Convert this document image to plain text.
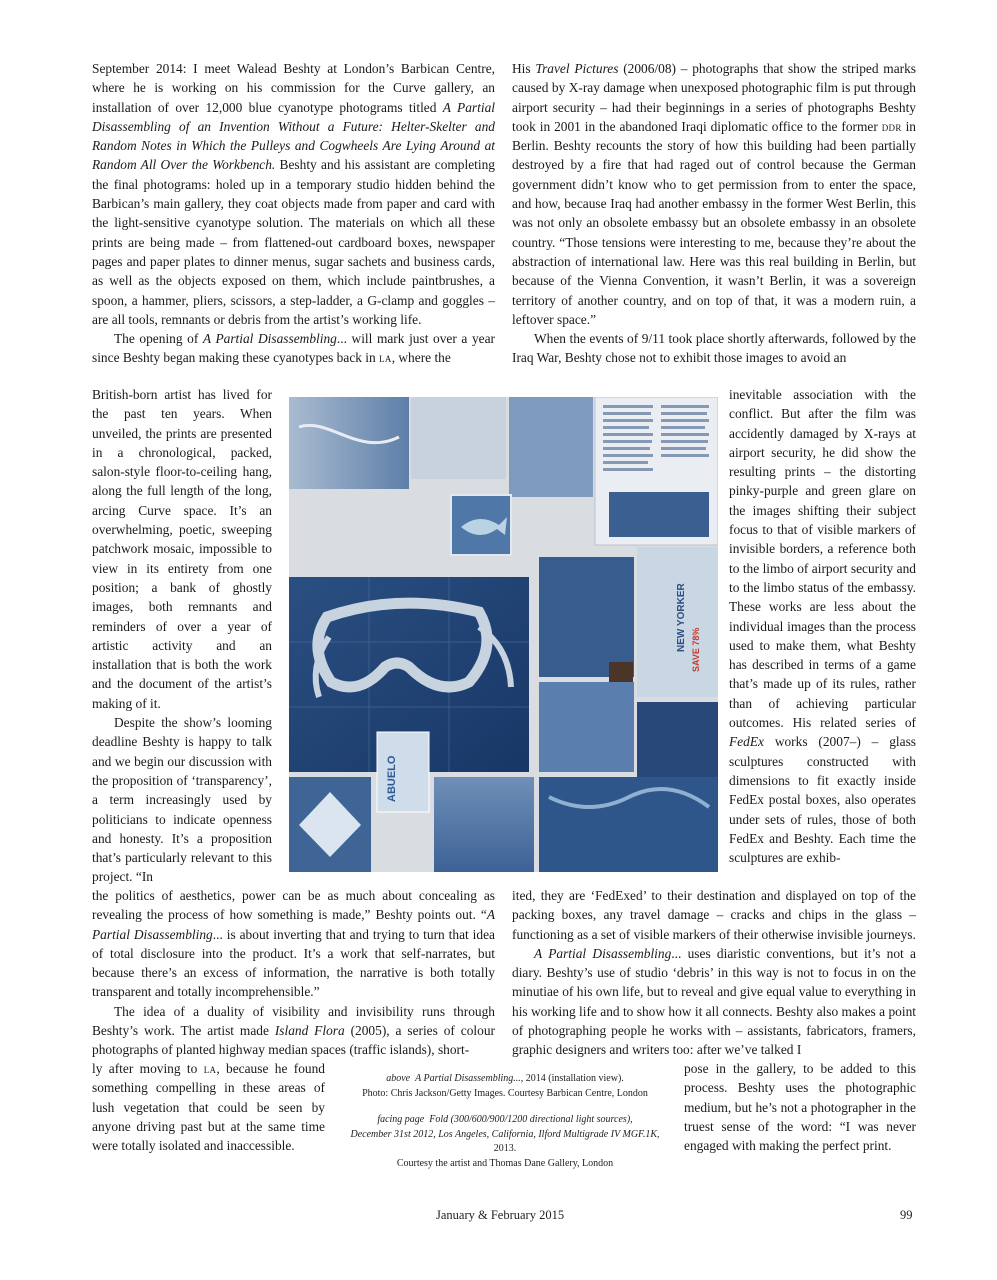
September 2014: I meet Walead Beshty at London’s Barbican Centre, where he is working on his commission for the Curve gallery, an installation of over 12,000 blue cyanotype photograms titled A Partial Disassembling of an Invention Without a Future: Helter-Skelter and Random Notes in Which the Pulleys and Cogwheels Are Lying Around at Random All Over the Workbench. Beshty and his assistant are completing the final photograms: holed up in a temporary studio hidden behind the Barbican’s main gallery, they coat objects made from paper and card with the light-sensitive cyanotype solution. The materials on which all these prints are being made – from flattened-out cardboard boxes, newspaper pages and paper plates to dinner menus, sugar sachets and business cards, as well as the objects exposed on them, which include paintbrushes, a spoon, a hammer, pliers, scissors, a step-ladder, a G-clamp and goggles – are all tools, remnants or debris from the artist’s working life.

The opening of A Partial Disassembling... will mark just over a year since Beshty began making these cyanotypes back in la, where the

British-born artist has lived for the past ten years. When unveiled, the prints are presented in a chronological, packed, salon-style floor-to-ceiling hang, along the full length of the long, arcing Curve space. It’s an overwhelming, poetic, sweeping patchwork mosaic, impossible to view in its entirety from one position; a bank of ghostly images, both remnants and reminders of over a year of artistic activity and an installation that is both the work and the document of the artist’s making of it.

Despite the show’s looming deadline Beshty is happy to talk and we begin our discussion with the proposition of ‘transparency’, a term increasingly used by politicians to indicate openness and honesty. It’s a proposition that’s particularly relevant to this project. “In

the politics of aesthetics, power can be as much about concealing as revealing the process of how something is made,” Beshty points out. “A Partial Disassembling... is about inverting that and trying to turn that idea of total disclosure into the product. It’s a work that self-narrates, but because there’s an excess of information, the narrative is both totally transparent and totally incomprehensible.”

The idea of a duality of visibility and invisibility runs through Beshty’s work. The artist made Island Flora (2005), a series of colour photographs of planted highway median spaces (traffic islands), short-

ly after moving to la, because he found something compelling in these areas of lush vegetation that could be seen by anyone driving past but at the same time were totally isolated and inaccessible.

His Travel Pictures (2006/08) – photographs that show the striped marks caused by X-ray damage when unexposed photographic film is put through airport security – had their beginnings in a series of photographs Beshty took in 2001 in the abandoned Iraqi diplomatic office to the former ddr in Berlin. Beshty recounts the story of how this building had been partially destroyed by a fire that had raged out of control because the German government didn’t know who to get permission from to enter the space, and how, because Iraq had another embassy in the former West Berlin, this was not only an obsolete embassy but an obsolete embassy in an obsolete country. “Those tensions were interesting to me, because they’re about the abstraction of international law. Here was this real building in Berlin, but because of the Vienna Convention, it wasn’t Berlin, it was a sovereign territory of another country, and on top of that, it was a modern ruin, a leftover space.”

When the events of 9/11 took place shortly afterwards, followed by the Iraq War, Beshty chose not to exhibit those images to avoid an

inevitable association with the conflict. But after the film was accidently damaged by X-rays at airport security, he did show the resulting prints – the distorting pinky-purple and green glare on the images shifting their subject focus to that of visible markers of invisible borders, a reference both to the limbo of airport security and to the limbo status of the embassy. These works are less about the individual images than the process used to make them, what Beshty has described in terms of a game that’s made up of its rules, rather than of achieving particular outcomes. His related series of FedEx works (2007–) – glass sculptures constructed with dimensions to fit exactly inside FedEx postal boxes, also operates under sets of rules, those of both FedEx and Beshty. Each time the sculptures are exhib-

ited, they are ‘FedExed’ to their destination and displayed on top of the packing boxes, any travel damage – cracks and chips in the glass – functioning as a set of visible markers of their otherwise invisible journeys.

A Partial Disassembling... uses diaristic conventions, but it’s not a diary. Beshty’s use of studio ‘debris’ in this way is not to focus in on the minutiae of his own life, but to reveal and give equal value to everything in his working life and to show how it all connects. Beshty also makes a point of photographing people he works with – assistants, fabricators, framers, graphic designers and writers too: after we’ve talked I

pose in the gallery, to be added to this process. Beshty uses the photographic medium, but he’s not a photographer in the truest sense of the word: “I was never engaged with making the perfect print.

NEW YORKER SAVE 78%
ABUELO
above A Partial Disassembling..., 2014 (installation view).
Photo: Chris Jackson/Getty Images. Courtesy Barbican Centre, London
facing page Fold (300/600/900/1200 directional light sources),
December 31st 2012, Los Angeles, California, Ilford Multigrade IV MGF.1K, 2013.
Courtesy the artist and Thomas Dane Gallery, London
January & February 2015	99
